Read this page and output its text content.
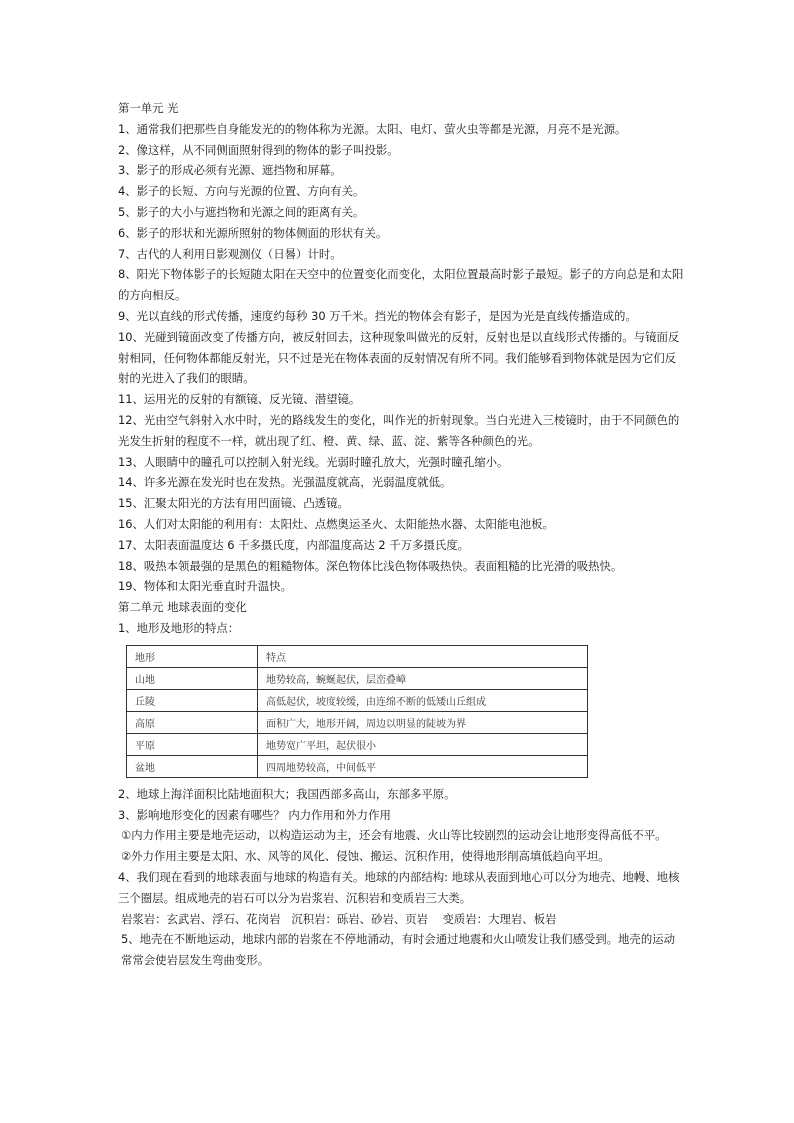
第一单元 光

1、通常我们把那些自身能发光的的物体称为光源。太阳、电灯、萤火虫等都是光源，月亮不是光源。

2、像这样，从不同侧面照射得到的物体的影子叫投影。

3、影子的形成必须有光源、遮挡物和屏幕。

4、影子的长短、方向与光源的位置、方向有关。

5、影子的大小与遮挡物和光源之间的距离有关。

6、影子的形状和光源所照射的物体侧面的形状有关。

7、古代的人利用日影观测仪（日晷）计时。

8、阳光下物体影子的长短随太阳在天空中的位置变化而变化，太阳位置最高时影子最短。影子的方向总是和太阳的方向相反。

9、光以直线的形式传播，速度约每秒 30 万千米。挡光的物体会有影子，是因为光是直线传播造成的。

10、光碰到镜面改变了传播方向，被反射回去，这种现象叫做光的反射，反射也是以直线形式传播的。与镜面反射相同，任何物体都能反射光，只不过是光在物体表面的反射情况有所不同。我们能够看到物体就是因为它们反射的光进入了我们的眼睛。

11、运用光的反射的有额镜、反光镜、潜望镜。

12、光由空气斜射入水中时，光的路线发生的变化，叫作光的折射现象。当白光进入三棱镜时，由于不同颜色的光发生折射的程度不一样，就出现了红、橙、黄、绿、蓝、淀、紫等各种颜色的光。

13、人眼睛中的瞳孔可以控制入射光线。光弱时瞳孔放大，光强时瞳孔缩小。

14、许多光源在发光时也在发热。光强温度就高，光弱温度就低。

15、汇聚太阳光的方法有用凹面镜、凸透镜。

16、人们对太阳能的利用有：太阳灶、点燃奥运圣火、太阳能热水器、太阳能电池板。

17、太阳表面温度达 6 千多摄氏度，内部温度高达 2 千万多摄氏度。

18、吸热本领最强的是黑色的粗糙物体。深色物体比浅色物体吸热快。表面粗糙的比光滑的吸热快。

19、物体和太阳光垂直时升温快。

第二单元 地球表面的变化

1、地形及地形的特点：

地形	特点
山地	地势较高，蜿蜒起伏，层峦叠嶂
丘陵	高低起伏，坡度较缓，由连绵不断的低矮山丘组成
高原	面积广大，地形开阔，周边以明显的陡坡为界
平原	地势宽广平坦，起伏很小
盆地	四周地势较高，中间低平

2、地球上海洋面积比陆地面积大；我国西部多高山，东部多平原。

3、影响地形变化的因素有哪些？ 内力作用和外力作用

①内力作用主要是地壳运动，以构造运动为主，还会有地震、火山等比较剧烈的运动会让地形变得高低不平。

②外力作用主要是太阳、水、风等的风化、侵蚀、搬运、沉积作用，使得地形削高填低趋向平坦。

4、我们现在看到的地球表面与地球的构造有关。地球的内部结构: 地球从表面到地心可以分为地壳、地幔、地核三个圈层。组成地壳的岩石可以分为岩浆岩、沉积岩和变质岩三大类。

岩浆岩：玄武岩、浮石、花岗岩   沉积岩：砾岩、砂岩、页岩    变质岩：大理岩、板岩

5、地壳在不断地运动，地球内部的岩浆在不停地涌动，有时会通过地震和火山喷发让我们感受到。地壳的运动常常会使岩层发生弯曲变形。
